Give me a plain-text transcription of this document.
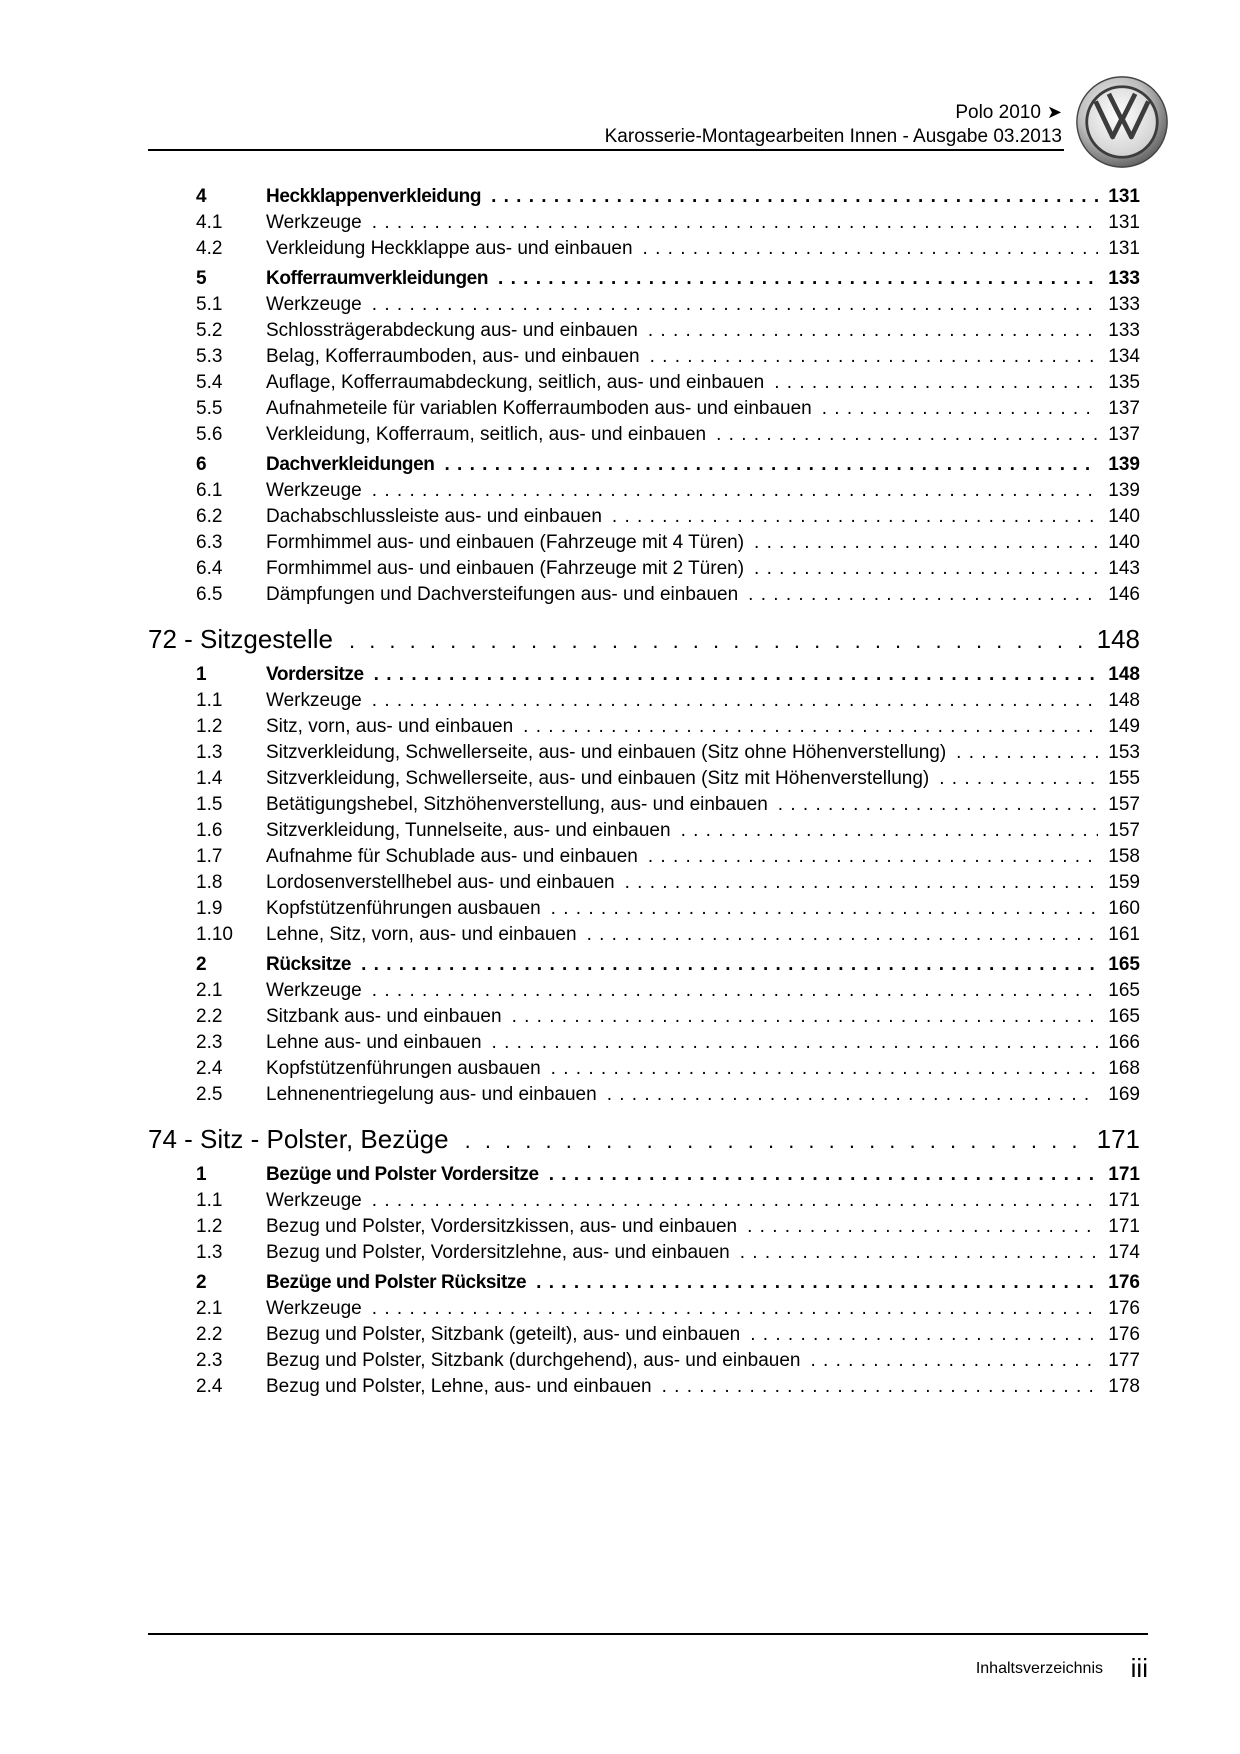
Polo 2010 ➤
Karosserie-Montagearbeiten Innen - Ausgabe 03.2013
4	Heckklappenverkleidung . . .	131
4.1 Werkzeuge . . .	131
4.2 Verkleidung Heckklappe aus- und einbauen . . .	131
5	Kofferraumverkleidungen . . .	133
5.1 Werkzeuge . . .	133
5.2 Schlossträgerabdeckung aus- und einbauen . . .	133
5.3 Belag, Kofferraumboden, aus- und einbauen . . .	134
5.4 Auflage, Kofferraumabdeckung, seitlich, aus- und einbauen . . .	135
5.5 Aufnahmeteile für variablen Kofferraumboden aus- und einbauen . . .	137
5.6 Verkleidung, Kofferraum, seitlich, aus- und einbauen . . .	137
6	Dachverkleidungen . . .	139
6.1 Werkzeuge . . .	139
6.2 Dachabschlussleiste aus- und einbauen . . .	140
6.3 Formhimmel aus- und einbauen (Fahrzeuge mit 4 Türen) . . .	140
6.4 Formhimmel aus- und einbauen (Fahrzeuge mit 2 Türen) . . .	143
6.5 Dämpfungen und Dachversteifungen aus- und einbauen . . .	146
72 - Sitzgestelle . . .	148
1	Vordersitze . . .	148
1.1 Werkzeuge . . .	148
1.2 Sitz, vorn, aus- und einbauen . . .	149
1.3 Sitzverkleidung, Schwellerseite, aus- und einbauen (Sitz ohne Höhenverstellung) . . .	153
1.4 Sitzverkleidung, Schwellerseite, aus- und einbauen (Sitz mit Höhenverstellung) . . .	155
1.5 Betätigungshebel, Sitzhöhenverstellung, aus- und einbauen . . .	157
1.6 Sitzverkleidung, Tunnelseite, aus- und einbauen . . .	157
1.7 Aufnahme für Schublade aus- und einbauen . . .	158
1.8 Lordosenverstellhebel aus- und einbauen . . .	159
1.9 Kopfstützenführungen ausbauen . . .	160
1.10 Lehne, Sitz, vorn, aus- und einbauen . . .	161
2	Rücksitze . . .	165
2.1 Werkzeuge . . .	165
2.2 Sitzbank aus- und einbauen . . .	165
2.3 Lehne aus- und einbauen . . .	166
2.4 Kopfstützenführungen ausbauen . . .	168
2.5 Lehnenentriegelung aus- und einbauen . . .	169
74 - Sitz - Polster, Bezüge . . .	171
1	Bezüge und Polster Vordersitze . . .	171
1.1 Werkzeuge . . .	171
1.2 Bezug und Polster, Vordersitzkissen, aus- und einbauen . . .	171
1.3 Bezug und Polster, Vordersitzlehne, aus- und einbauen . . .	174
2	Bezüge und Polster Rücksitze . . .	176
2.1 Werkzeuge . . .	176
2.2 Bezug und Polster, Sitzbank (geteilt), aus- und einbauen . . .	176
2.3 Bezug und Polster, Sitzbank (durchgehend), aus- und einbauen . . .	177
2.4 Bezug und Polster, Lehne, aus- und einbauen . . .	178
Inhaltsverzeichnis iii
